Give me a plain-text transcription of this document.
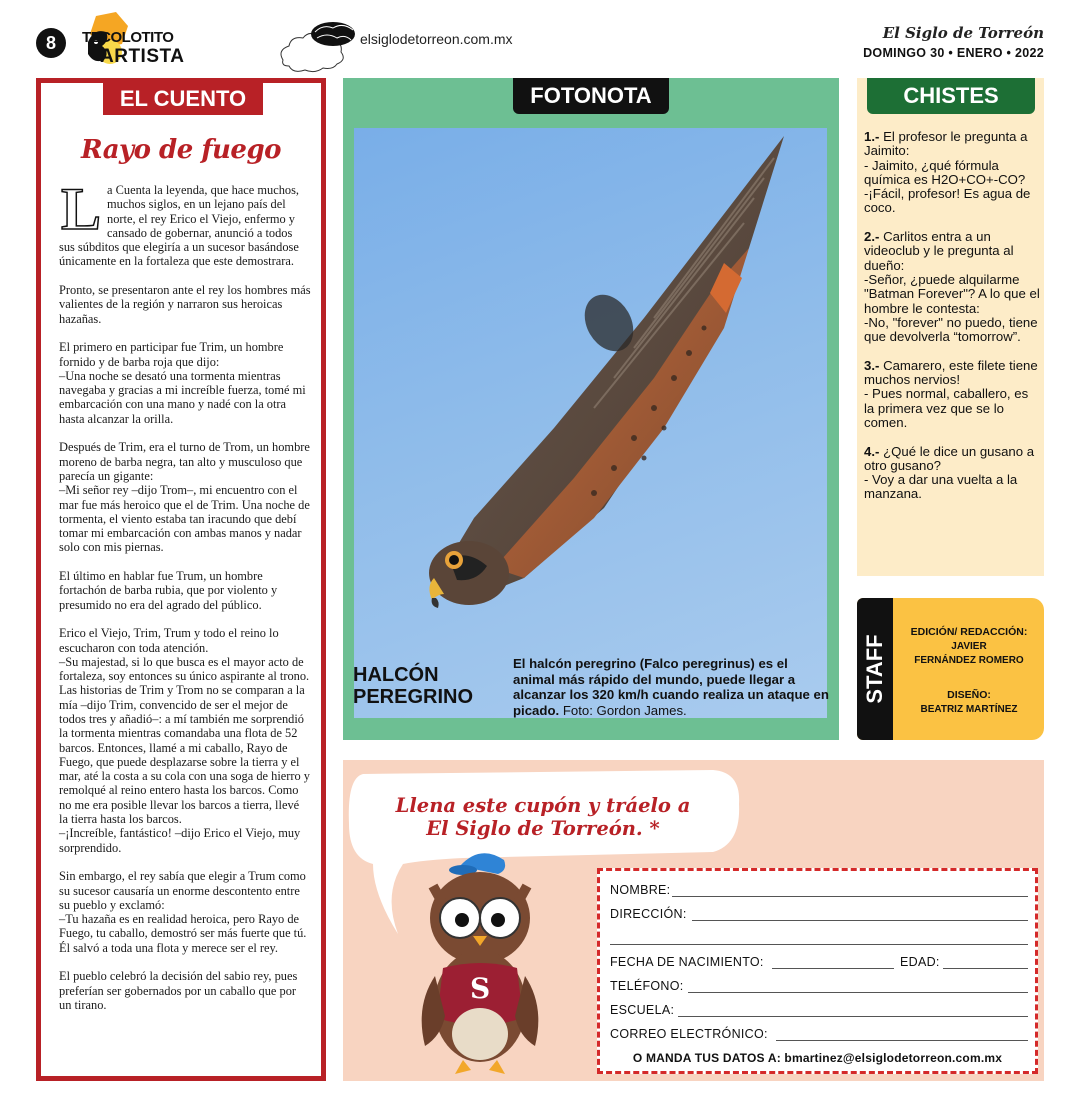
TECOLOTITO
ARTISTA
8	elsiglodetorreon.com.mx	El Siglo de Torreón
DOMINGO 30 • ENERO • 2022
EL CUENTO
Rayo de fuego
L a Cuenta la leyenda, que hace muchos, muchos siglos, en un lejano país del norte, el rey Erico el Viejo, enfermo y cansado de gobernar, anunció a todos sus súbditos que elegiría a un sucesor basándose únicamente en la fortaleza que este demostrara.

Pronto, se presentaron ante el rey los hombres más valientes de la región y narraron sus heroicas hazañas.

El primero en participar fue Trim, un hombre fornido y de barba roja que dijo:
–Una noche se desató una tormenta mientras navegaba y gracias a mi increíble fuerza, tomé mi embarcación con una mano y nadé con la otra hasta alcanzar la orilla.

Después de Trim, era el turno de Trom, un hombre moreno de barba negra, tan alto y musculoso que parecía un gigante:
–Mi señor rey –dijo Trom–, mi encuentro con el mar fue más heroico que el de Trim. Una noche de tormenta, el viento estaba tan iracundo que debí tomar mi embarcación con ambas manos y nadar solo con mis piernas.

El último en hablar fue Trum, un hombre fortachón de barba rubia, que por violento y presumido no era del agrado del público.

Erico el Viejo, Trim, Trum y todo el reino lo escucharon con toda atención.
–Su majestad, si lo que busca es el mayor acto de fortaleza, soy entonces su único aspirante al trono. Las historias de Trim y Trom no se comparan a la mía –dijo Trim, convencido de ser el mejor de todos tres y añadió–: a mí también me sorprendió la tormenta mientras comandaba una flota de 52 barcos. Entonces, llamé a mi caballo, Rayo de Fuego, que puede desplazarse sobre la tierra y el mar, até la costa a su cola con una soga de hierro y remolqué al reino entero hasta los barcos. Como no me era posible llevar los barcos a tierra, llevé la tierra hasta los barcos.
–¡Increíble, fantástico! –dijo Erico el Viejo, muy sorprendido.

Sin embargo, el rey sabía que elegir a Trum como su sucesor causaría un enorme descontento entre su pueblo y exclamó:
–Tu hazaña es en realidad heroica, pero Rayo de Fuego, tu caballo, demostró ser más fuerte que tú. Él salvó a toda una flota y merece ser el rey.

El pueblo celebró la decisión del sabio rey, pues preferían ser gobernados por un caballo que por un tirano.

FOTONOTA
HALCÓN PEREGRINO
El halcón peregrino (Falco peregrinus) es el animal más rápido del mundo, puede llegar a alcanzar los 320 km/h cuando realiza un ataque en picado. Foto: Gordon James.
CHISTES

1.- El profesor le pregunta a Jaimito:
- Jaimito, ¿qué fórmula química es H2O+CO+-CO?
-¡Fácil, profesor! Es agua de coco.

2.- Carlitos entra a un videoclub y le pregunta al dueño:
-Señor, ¿puede alquilarme "Batman Forever"? A lo que el hombre le contesta:
-No, "forever" no puedo, tiene que devolverla “tomorrow”.

3.- Camarero, este filete tiene muchos nervios!
- Pues normal, caballero, es la primera vez que se lo comen.

4.- ¿Qué le dice un gusano a otro gusano?
- Voy a dar una vuelta a la manzana.

STAFF
EDICIÓN/ REDACCIÓN:
JAVIER
FERNÁNDEZ ROMERO
DISEÑO:
BEATRIZ MARTÍNEZ
Llena este cupón y tráelo a
El Siglo de Torreón. *
S
NOMBRE:
DIRECCIÓN:
FECHA DE NACIMIENTO:	EDAD:
TELÉFONO:
ESCUELA:
CORREO ELECTRÓNICO:
O MANDA TUS DATOS A: bmartinez@elsiglodetorreon.com.mx
